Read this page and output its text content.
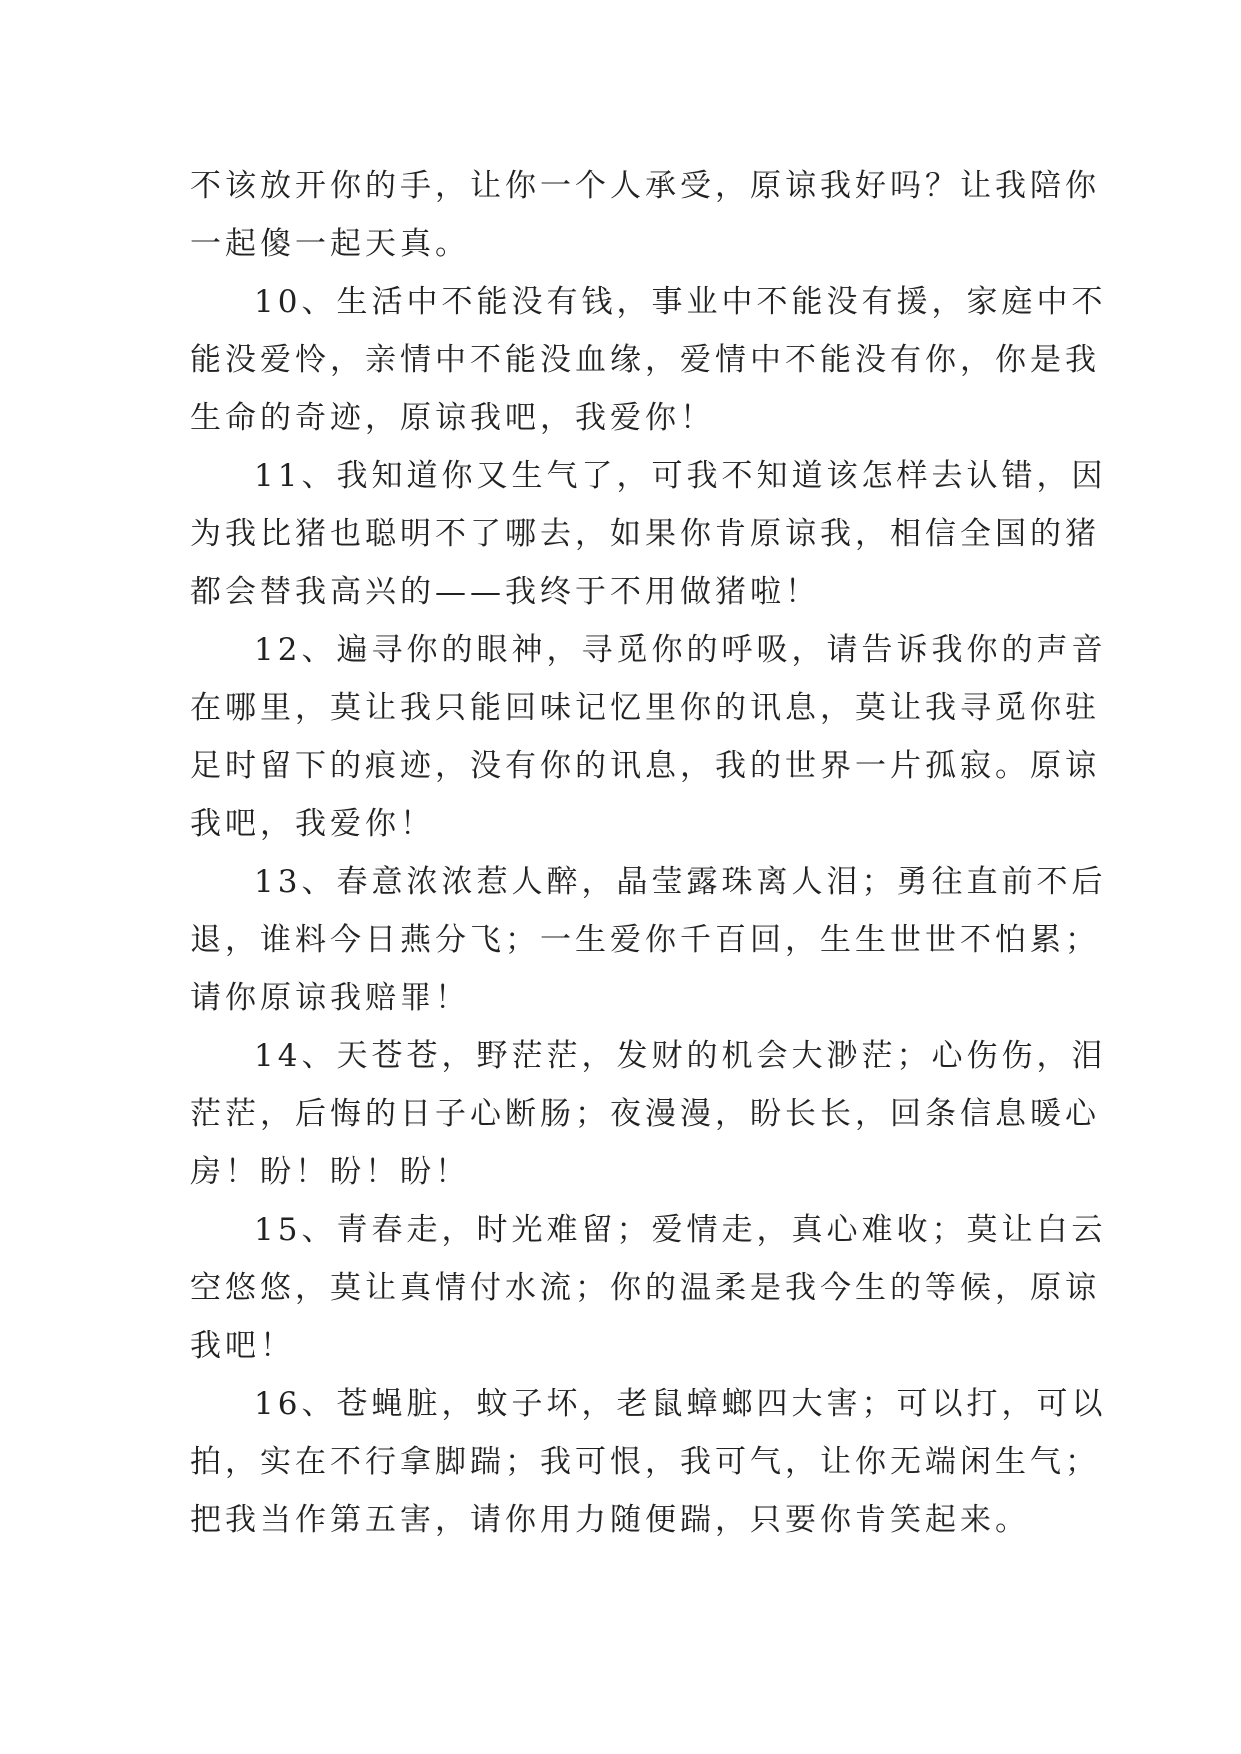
不该放开你的手，让你一个人承受，原谅我好吗？让我陪你
一起傻一起天真。
10、生活中不能没有钱，事业中不能没有援，家庭中不
能没爱怜，亲情中不能没血缘，爱情中不能没有你，你是我
生命的奇迹，原谅我吧，我爱你！
11、我知道你又生气了，可我不知道该怎样去认错，因
为我比猪也聪明不了哪去，如果你肯原谅我，相信全国的猪
都会替我高兴的——我终于不用做猪啦！
12、遍寻你的眼神，寻觅你的呼吸，请告诉我你的声音
在哪里，莫让我只能回味记忆里你的讯息，莫让我寻觅你驻
足时留下的痕迹，没有你的讯息，我的世界一片孤寂。原谅
我吧，我爱你！
13、春意浓浓惹人醉，晶莹露珠离人泪；勇往直前不后
退，谁料今日燕分飞；一生爱你千百回，生生世世不怕累；
请你原谅我赔罪！
14、天苍苍，野茫茫，发财的机会大渺茫；心伤伤，泪
茫茫，后悔的日子心断肠；夜漫漫，盼长长，回条信息暖心
房！盼！盼！盼！
15、青春走，时光难留；爱情走，真心难收；莫让白云
空悠悠，莫让真情付水流；你的温柔是我今生的等候，原谅
我吧！
16、苍蝇脏，蚊子坏，老鼠蟑螂四大害；可以打，可以
拍，实在不行拿脚踹；我可恨，我可气，让你无端闲生气；
把我当作第五害，请你用力随便踹，只要你肯笑起来。
